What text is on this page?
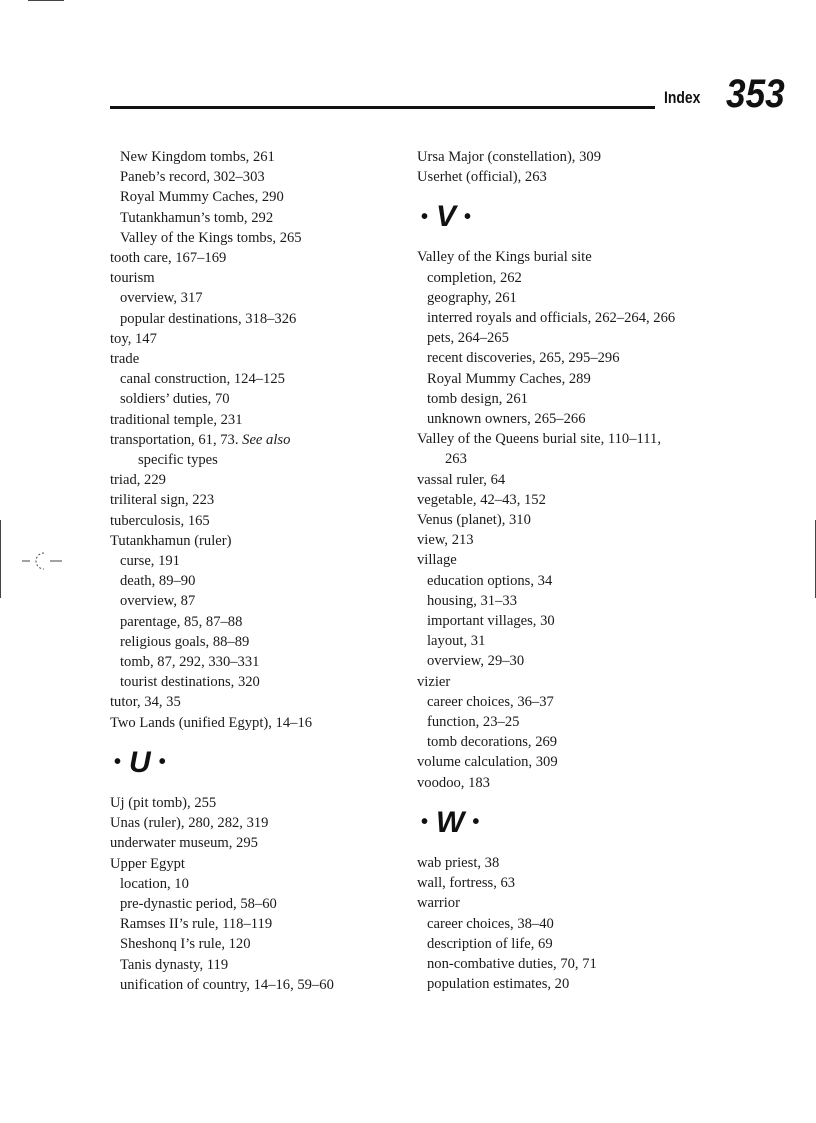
Index 353
New Kingdom tombs, 261
Paneb’s record, 302–303
Royal Mummy Caches, 290
Tutankhamun’s tomb, 292
Valley of the Kings tombs, 265
tooth care, 167–169
tourism
overview, 317
popular destinations, 318–326
toy, 147
trade
canal construction, 124–125
soldiers’ duties, 70
traditional temple, 231
transportation, 61, 73. See also
specific types
triad, 229
triliteral sign, 223
tuberculosis, 165
Tutankhamun (ruler)
curse, 191
death, 89–90
overview, 87
parentage, 85, 87–88
religious goals, 88–89
tomb, 87, 292, 330–331
tourist destinations, 320
tutor, 34, 35
Two Lands (unified Egypt), 14–16
• U •
Uj (pit tomb), 255
Unas (ruler), 280, 282, 319
underwater museum, 295
Upper Egypt
location, 10
pre-dynastic period, 58–60
Ramses II’s rule, 118–119
Sheshonq I’s rule, 120
Tanis dynasty, 119
unification of country, 14–16, 59–60
Ursa Major (constellation), 309
Userhet (official), 263
• V •
Valley of the Kings burial site
completion, 262
geography, 261
interred royals and officials, 262–264, 266
pets, 264–265
recent discoveries, 265, 295–296
Royal Mummy Caches, 289
tomb design, 261
unknown owners, 265–266
Valley of the Queens burial site, 110–111,
263
vassal ruler, 64
vegetable, 42–43, 152
Venus (planet), 310
view, 213
village
education options, 34
housing, 31–33
important villages, 30
layout, 31
overview, 29–30
vizier
career choices, 36–37
function, 23–25
tomb decorations, 269
volume calculation, 309
voodoo, 183
• W •
wab priest, 38
wall, fortress, 63
warrior
career choices, 38–40
description of life, 69
non-combative duties, 70, 71
population estimates, 20
